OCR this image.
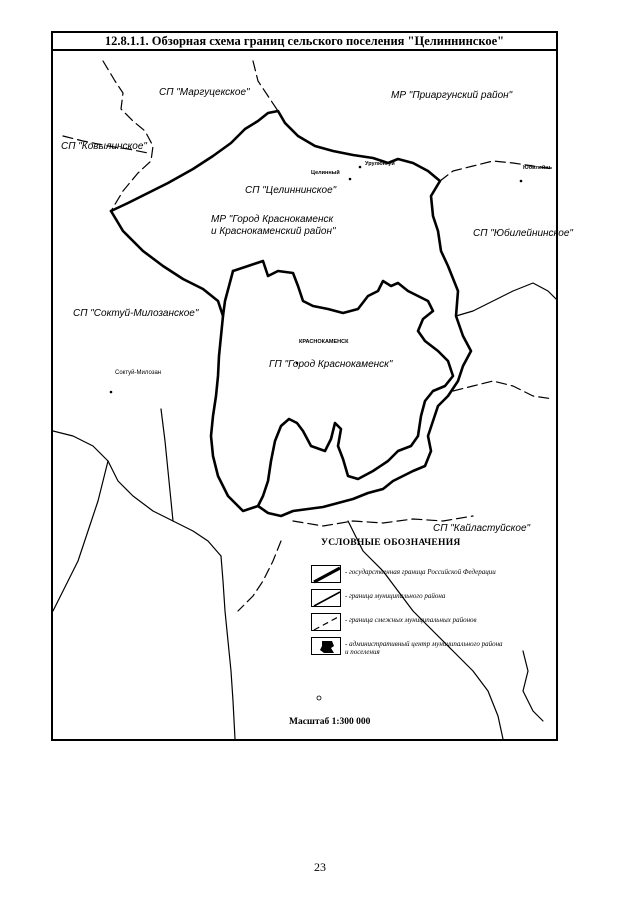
12.8.1.1. Обзорная схема границ сельского поселения "Целиннинское"
СП "Маргуцекское"	МР "Приаргунский район"
СП "Ковылинское"
СП "Целиннинское"
МР "Город Краснокаменск
и Краснокаменский район"	СП "Юбилейнинское"
СП "Соктуй-Милозанское"
ГП "Город Краснокаменск"
СП "Кайластуйское"
Целинный
Урулюнгуй
Юбилейнь
КРАСНОКАМЕНСК
Соктуй-Милозан
УСЛОВНЫЕ ОБОЗНАЧЕНИЯ
- государственная граница Российской Федерации
- граница муниципального района
- граница смежных муниципальных районов
- административный центр муниципального района
и поселения
Масштаб 1:300 000
23
